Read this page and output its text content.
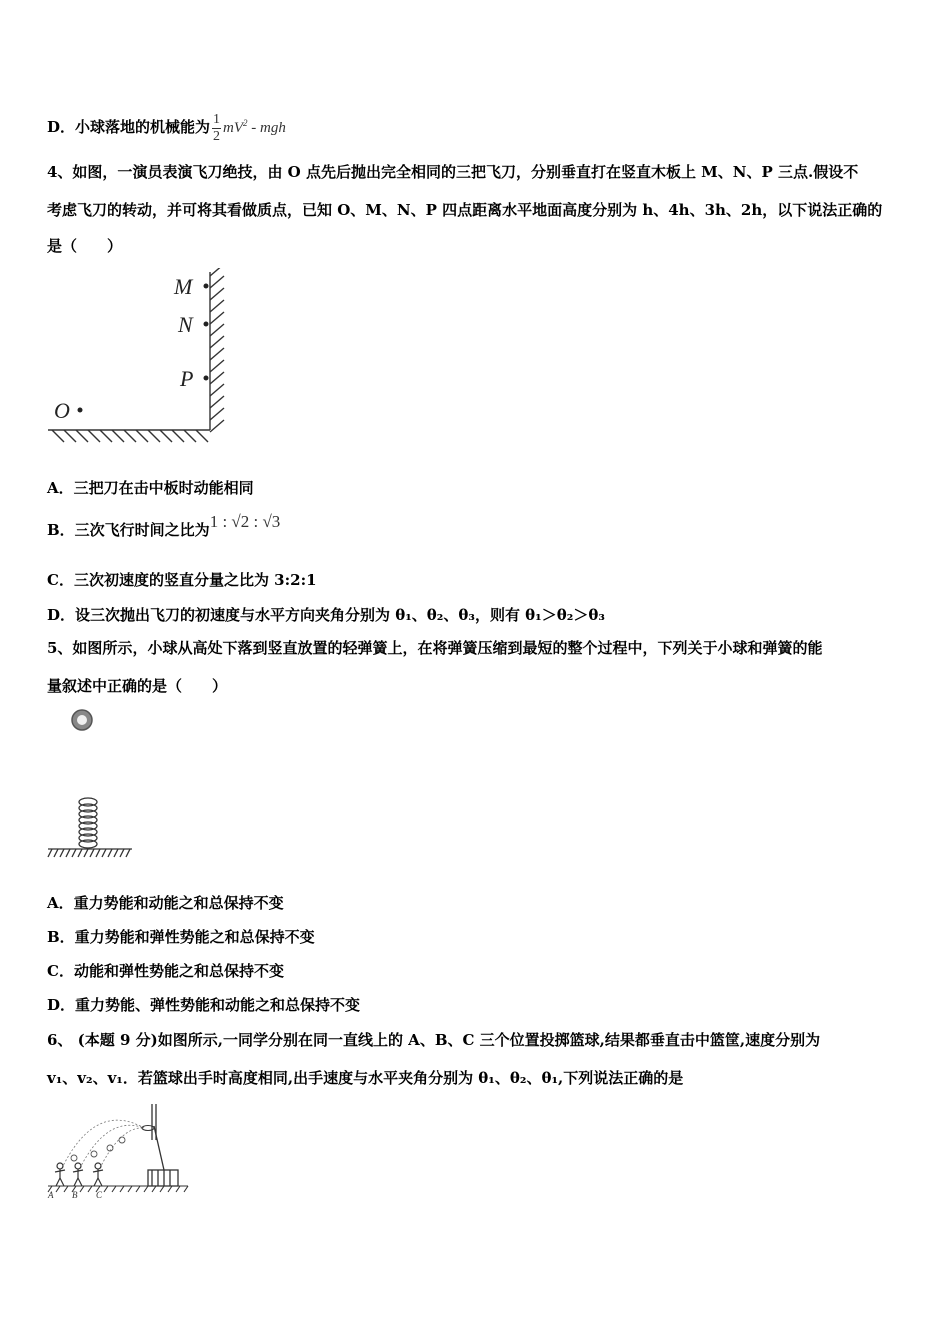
D．小球落地的机械能为 $\frac{1}{2} mV^2$ - mgh
4、如图，一演员表演飞刀绝技，由 O 点先后抛出完全相同的三把飞刀，分别垂直打在竖直木板上 M、N、P 三点.假设不
考虑飞刀的转动，并可将其看做质点，已知 O、M、N、P 四点距离水平地面高度分别为 h、4h、3h、2h，以下说法正确的
是（　　）
M
N
P
O
A．三把刀在击中板时动能相同
B．三次飞行时间之比为1 : √2 : √3
C．三次初速度的竖直分量之比为 3:2:1
D．设三次抛出飞刀的初速度与水平方向夹角分别为 θ₁、θ₂、θ₃，则有 θ₁＞θ₂＞θ₃
5、如图所示，小球从高处下落到竖直放置的轻弹簧上，在将弹簧压缩到最短的整个过程中，下列关于小球和弹簧的能
量叙述中正确的是（　　）
A．重力势能和动能之和总保持不变
B．重力势能和弹性势能之和总保持不变
C．动能和弹性势能之和总保持不变
D．重力势能、弹性势能和动能之和总保持不变
6、 (本题 9 分)如图所示,一同学分别在同一直线上的 A、B、C 三个位置投掷篮球,结果都垂直击中篮筐,速度分别为
v₁、v₂、v₁．若篮球出手时高度相同,出手速度与水平夹角分别为 θ₁、θ₂、θ₁,下列说法正确的是
A B C
